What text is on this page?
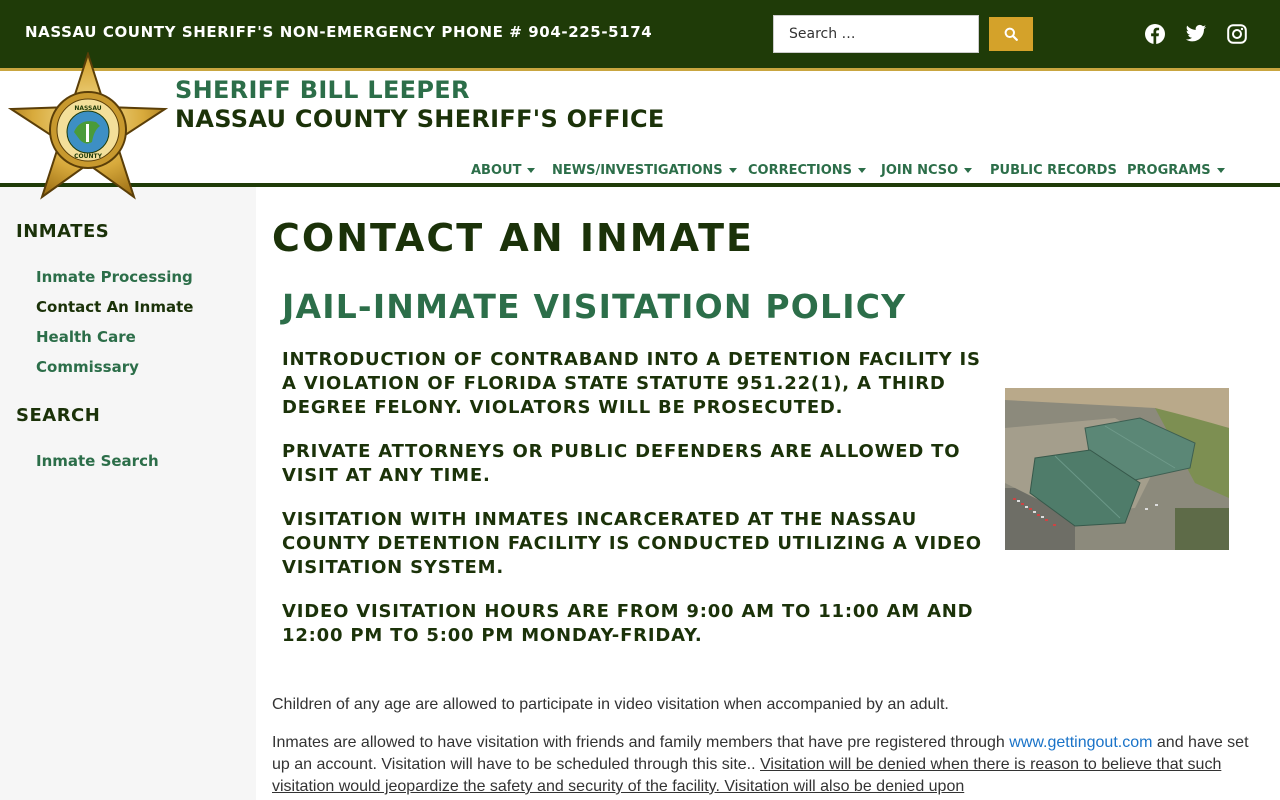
NASSAU COUNTY SHERIFF'S NON-EMERGENCY PHONE # 904-225-5174
Search …
NASSAU
COUNTY
SHERIFF BILL LEEPER
NASSAU COUNTY SHERIFF'S OFFICE
ABOUT NEWS/INVESTIGATIONS CORRECTIONS JOIN NCSO PUBLIC RECORDS PROGRAMS
INMATES
Inmate Processing
Contact An Inmate
Health Care
Commissary
SEARCH
Inmate Search
CONTACT AN INMATE
JAIL-INMATE VISITATION POLICY

INTRODUCTION OF CONTRABAND INTO A DETENTION FACILITY IS A VIOLATION OF FLORIDA STATE STATUTE 951.22(1), A THIRD DEGREE FELONY. VIOLATORS WILL BE PROSECUTED.

PRIVATE ATTORNEYS OR PUBLIC DEFENDERS ARE ALLOWED TO VISIT AT ANY TIME.

VISITATION WITH INMATES INCARCERATED AT THE NASSAU COUNTY DETENTION FACILITY IS CONDUCTED UTILIZING A VIDEO VISITATION SYSTEM.

VIDEO VISITATION HOURS ARE FROM 9:00 AM TO 11:00 AM AND 12:00 PM TO 5:00 PM MONDAY-FRIDAY.

Children of any age are allowed to participate in video visitation when accompanied by an adult.

Inmates are allowed to have visitation with friends and family members that have pre registered through www.gettingout.com and have set up an account. Visitation will have to be scheduled through this site.. Visitation will be denied when there is reason to believe that such visitation would jeopardize the safety and security of the facility. Visitation will also be denied upon
